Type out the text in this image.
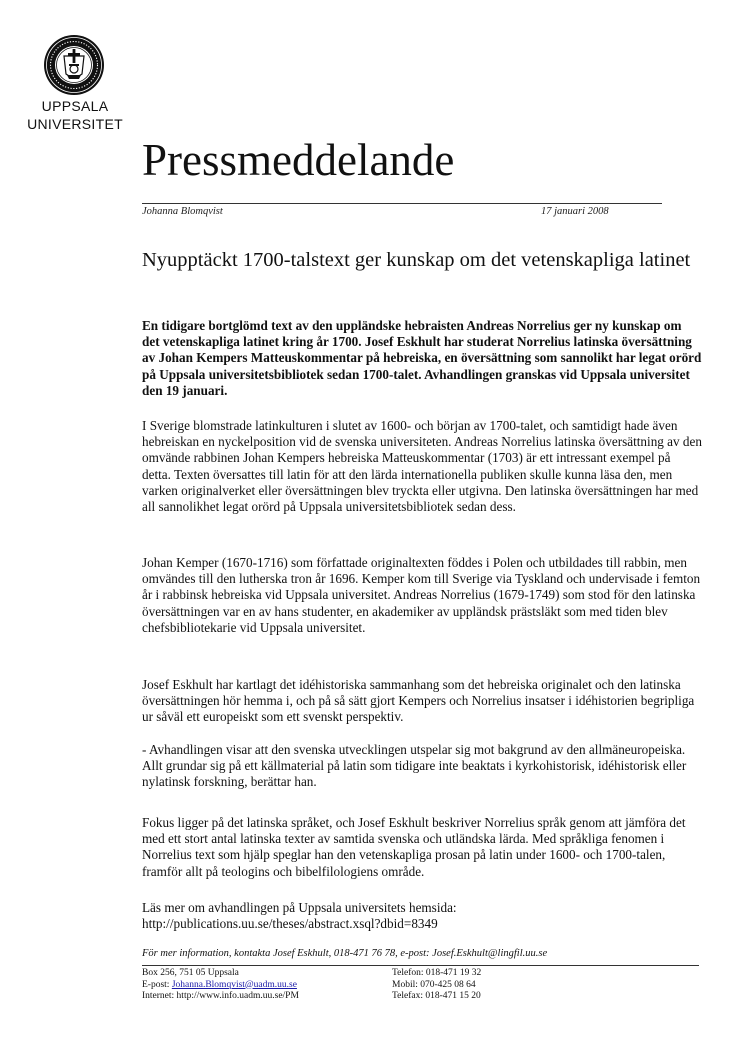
UPPSALA
UNIVERSITET
Pressmeddelande
Johanna Blomqvist	17 januari 2008
Nyupptäckt 1700-talstext ger kunskap om det vetenskapliga latinet

En tidigare bortglömd text av den uppländske hebraisten Andreas Norrelius ger ny kunskap om det vetenskapliga latinet kring år 1700. Josef Eskhult har studerat Norrelius latinska översättning av Johan Kempers Matteuskommentar på hebreiska, en översättning som sannolikt har legat orörd på Uppsala universitetsbibliotek sedan 1700-talet. Avhandlingen granskas vid Uppsala universitet den 19 januari.

I Sverige blomstrade latinkulturen i slutet av 1600- och början av 1700-talet, och samtidigt hade även hebreiskan en nyckelposition vid de svenska universiteten. Andreas Norrelius latinska översättning av den omvände rabbinen Johan Kempers hebreiska Matteuskommentar (1703) är ett intressant exempel på detta. Texten översattes till latin för att den lärda internationella publiken skulle kunna läsa den, men varken originalverket eller översättningen blev tryckta eller utgivna. Den latinska översättningen har med all sannolikhet legat orörd på Uppsala universitetsbibliotek sedan dess.

Johan Kemper (1670-1716) som författade originaltexten föddes i Polen och utbildades till rabbin, men omvändes till den lutherska tron år 1696. Kemper kom till Sverige via Tyskland och undervisade i femton år i rabbinsk hebreiska vid Uppsala universitet. Andreas Norrelius (1679-1749) som stod för den latinska översättningen var en av hans studenter, en akademiker av uppländsk prästsläkt som med tiden blev chefsbibliotekarie vid Uppsala universitet.

Josef Eskhult har kartlagt det idéhistoriska sammanhang som det hebreiska originalet och den latinska översättningen hör hemma i, och på så sätt gjort Kempers och Norrelius insatser i idéhistorien begripliga ur såväl ett europeiskt som ett svenskt perspektiv.

- Avhandlingen visar att den svenska utvecklingen utspelar sig mot bakgrund av den allmäneuropeiska. Allt grundar sig på ett källmaterial på latin som tidigare inte beaktats i kyrkohistorisk, idéhistorisk eller nylatinsk forskning, berättar han.

Fokus ligger på det latinska språket, och Josef Eskhult beskriver Norrelius språk genom att jämföra det med ett stort antal latinska texter av samtida svenska och utländska lärda. Med språkliga fenomen i Norrelius text som hjälp speglar han den vetenskapliga prosan på latin under 1600- och 1700-talen, framför allt på teologins och bibelfilologiens område.

Läs mer om avhandlingen på Uppsala universitets hemsida:

http://publications.uu.se/theses/abstract.xsql?dbid=8349

För mer information, kontakta Josef Eskhult, 018-471 76 78, e-post: Josef.Eskhult@lingfil.uu.se
Box 256, 751 05 Uppsala
E-post: Johanna.Blomqvist@uadm.uu.se
Internet: http://www.info.uadm.uu.se/PM
Telefon: 018-471 19 32
Mobil: 070-425 08 64
Telefax: 018-471 15 20
